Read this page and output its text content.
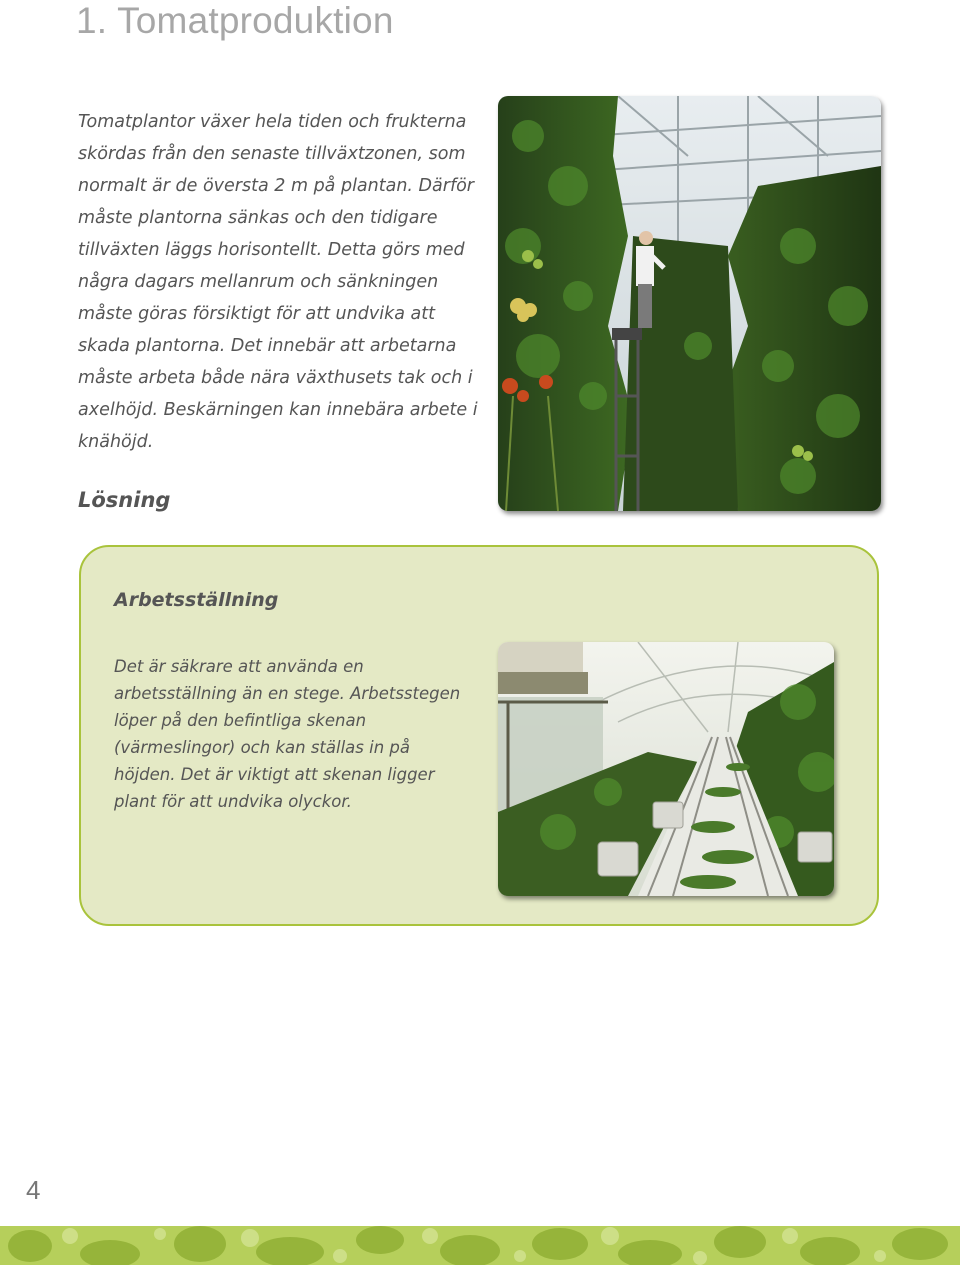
1. Tomatproduktion

Tomatplantor växer hela tiden och frukterna skördas från den senaste tillväxtzonen, som normalt är de översta 2 m på plantan. Därför måste plantorna sänkas och den tidigare tillväxten läggs horisontellt. Detta görs med några dagars mellanrum och sänkningen måste göras försiktigt för att undvika att skada plantorna. Det innebär att arbetarna måste arbeta både nära växthusets tak och i axelhöjd. Beskärningen kan innebära arbete i knähöjd.

Lösning
Arbetsställning

Det är säkrare att använda en arbetsställning än en stege. Arbetsstegen löper på den befintliga skenan (värmeslingor) och kan ställas in på höjden. Det är viktigt att skenan ligger plant för att undvika olyckor.

4
